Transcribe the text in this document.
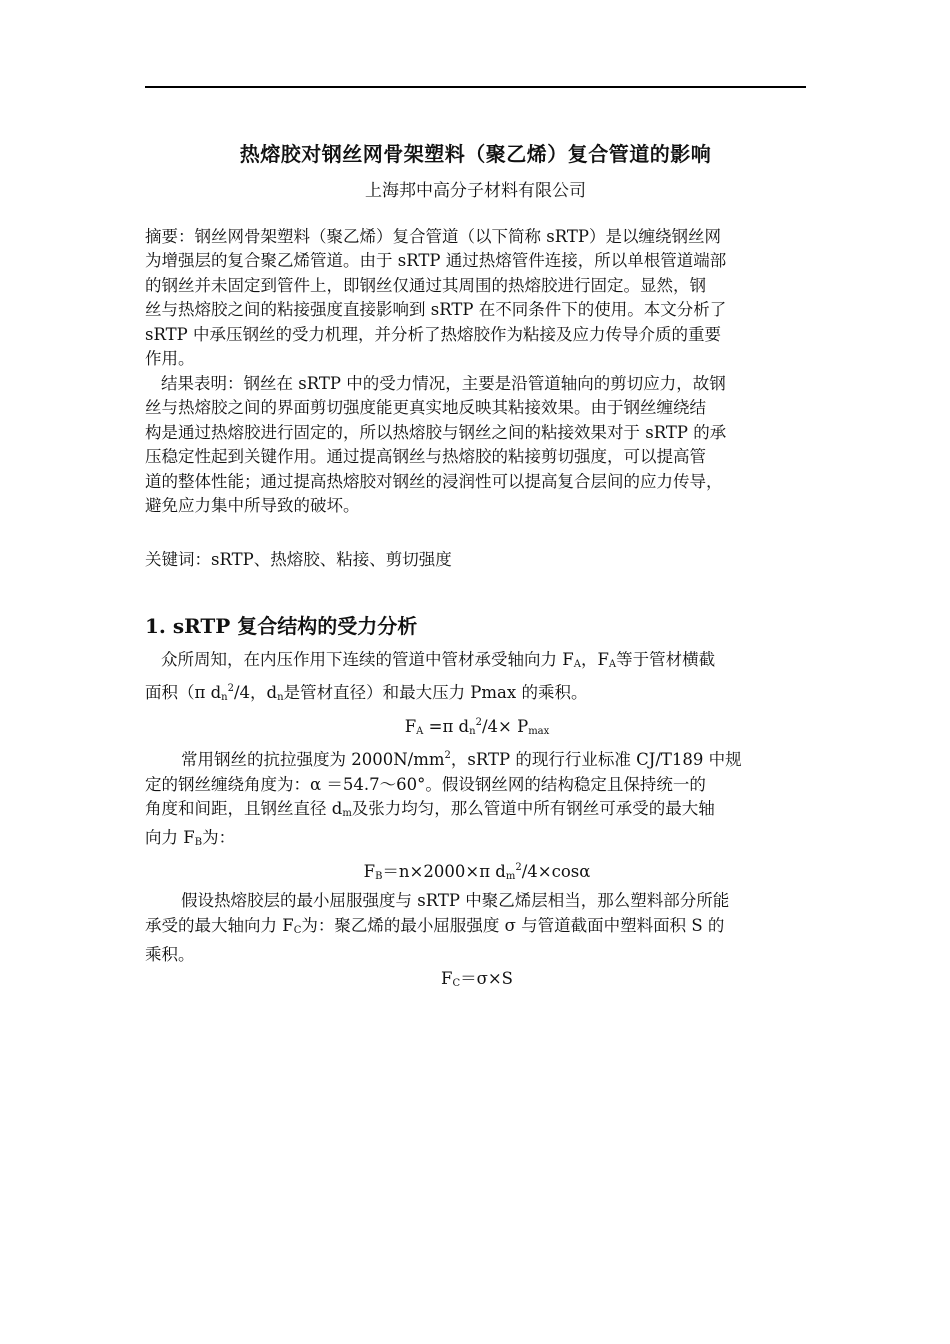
热熔胶对钢丝网骨架塑料（聚乙烯）复合管道的影响
上海邦中高分子材料有限公司
摘要：钢丝网骨架塑料（聚乙烯）复合管道（以下简称 sRTP）是以缠绕钢丝网
为增强层的复合聚乙烯管道。由于 sRTP 通过热熔管件连接，所以单根管道端部
的钢丝并未固定到管件上，即钢丝仅通过其周围的热熔胶进行固定。显然，钢
丝与热熔胶之间的粘接强度直接影响到 sRTP 在不同条件下的使用。本文分析了
sRTP 中承压钢丝的受力机理，并分析了热熔胶作为粘接及应力传导介质的重要
作用。
结果表明：钢丝在 sRTP 中的受力情况，主要是沿管道轴向的剪切应力，故钢
丝与热熔胶之间的界面剪切强度能更真实地反映其粘接效果。由于钢丝缠绕结
构是通过热熔胶进行固定的，所以热熔胶与钢丝之间的粘接效果对于 sRTP 的承
压稳定性起到关键作用。通过提高钢丝与热熔胶的粘接剪切强度，可以提高管
道的整体性能；通过提高热熔胶对钢丝的浸润性可以提高复合层间的应力传导，
避免应力集中所导致的破坏。
关键词：sRTP、热熔胶、粘接、剪切强度
1. sRTP 复合结构的受力分析
众所周知，在内压作用下连续的管道中管材承受轴向力 $F_A$，$F_A$等于管材横截
面积（π $d_n^2/4$，$d_n$是管材直径）和最大压力 Pmax 的乘积。
$F_A =\pi$ $d_n^2/4\times P_{max}$
常用钢丝的抗拉强度为 $2000N/mm^2$，sRTP 的现行行业标准 CJ/T189 中规
定的钢丝缠绕角度为：α ＝54.7～60°。假设钢丝网的结构稳定且保持统一的
角度和间距，且钢丝直径 $d_m$及张力均匀，那么管道中所有钢丝可承受的最大轴
向力 $F_B$为：
$F_B=n\times 2000\times\pi$ $d_m^2/4\times\cos\alpha$
假设热熔胶层的最小屈服强度与 sRTP 中聚乙烯层相当，那么塑料部分所能
承受的最大轴向力 $F_C$为：聚乙烯的最小屈服强度 σ 与管道截面中塑料面积 S 的
乘积。
$F_C=\sigma\times S$
